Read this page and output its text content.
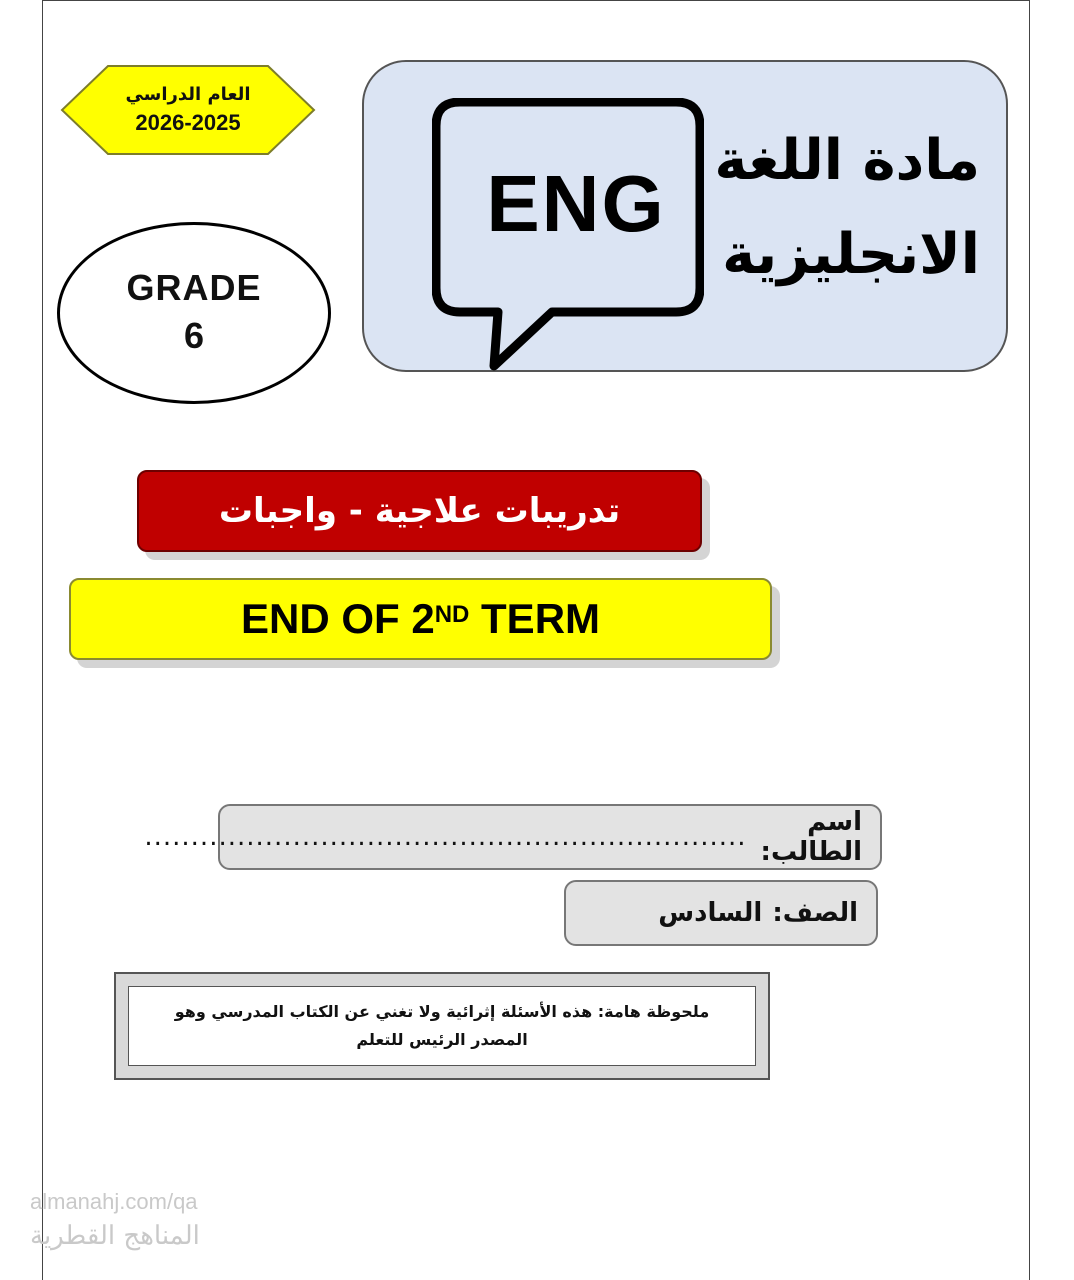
العام الدراسي
2026-2025
GRADE
6
ENG مادة اللغة
الانجليزية
تدريبات علاجية - واجبات
END OF 2ND TERM
اسم الطالب:
.................................................................
الصف:
السادس
ملحوظة هامة: هذه الأسئلة إثرائية ولا تغني عن الكتاب المدرسي وهو
المصدر الرئيس للتعلم
almanahj.com/qa
المناهج القطرية
